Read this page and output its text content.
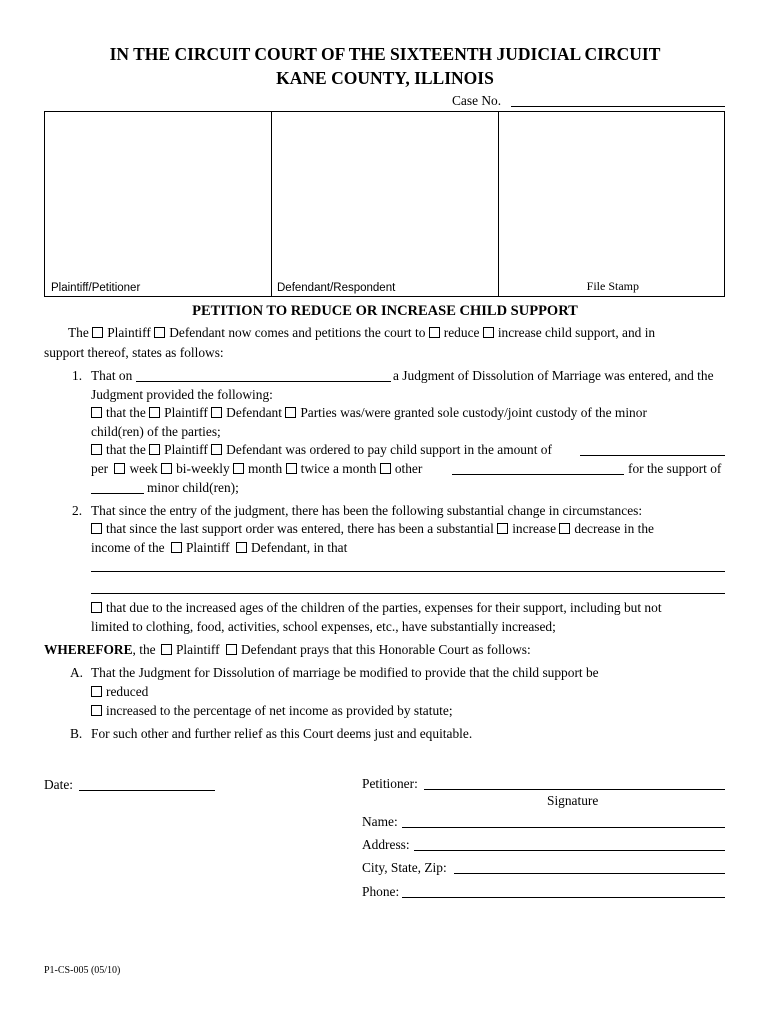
IN THE CIRCUIT COURT OF THE SIXTEENTH JUDICIAL CIRCUIT
KANE COUNTY, ILLINOIS
Case No.
Plaintiff/Petitioner	Defendant/Respondent	File Stamp
PETITION TO REDUCE OR INCREASE CHILD SUPPORT
The Plaintiff Defendant now comes and petitions the court to reduce increase child support, and in
support thereof, states as follows:
1. That on	a Judgment of Dissolution of Marriage was entered, and the
Judgment provided the following:
that the Plaintiff Defendant Parties was/were granted sole custody/joint custody of the minor
child(ren) of the parties;
that the Plaintiff Defendant was ordered to pay child support in the amount of
per week bi-weekly month twice a month other	for the support of
minor child(ren);
2. That since the entry of the judgment, there has been the following substantial change in circumstances:
that since the last support order was entered, there has been a substantial increase decrease in the
income of the Plaintiff Defendant, in that
that due to the increased ages of the children of the parties, expenses for their support, including but not
limited to clothing, food, activities, school expenses, etc., have substantially increased;
WHEREFORE, the Plaintiff Defendant prays that this Honorable Court as follows:
A. That the Judgment for Dissolution of marriage be modified to provide that the child support be
reduced
increased to the percentage of net income as provided by statute;
B. For such other and further relief as this Court deems just and equitable.
Date:	Petitioner:
Signature
Name:
Address:
City, State, Zip:
Phone:
P1-CS-005 (05/10)
